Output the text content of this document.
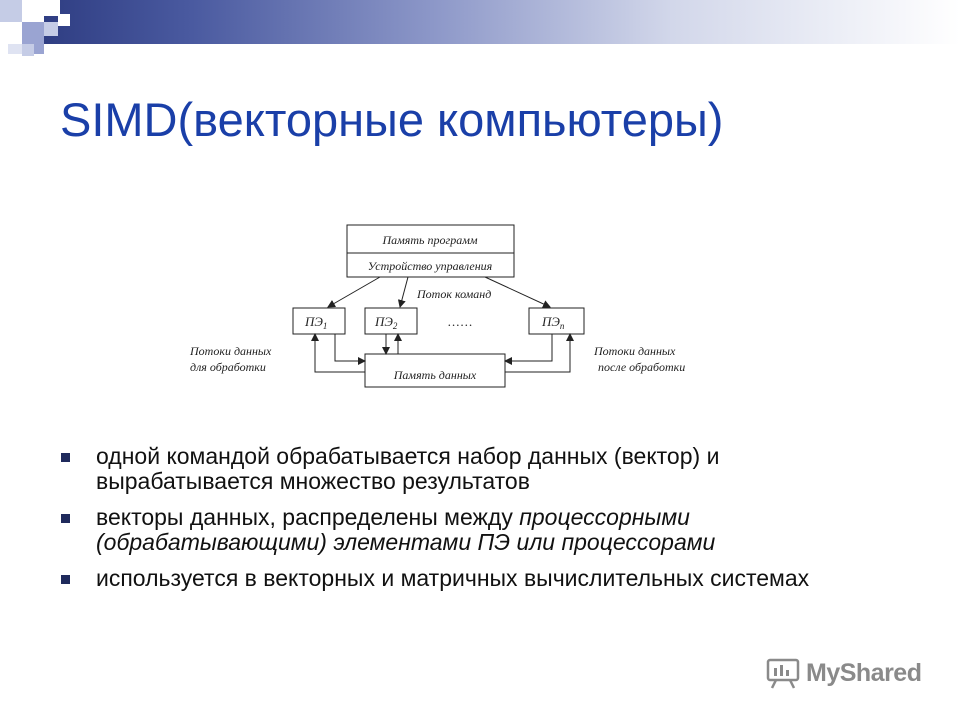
SIMD(векторные компьютеры)
Память программ
Устройство управления
Поток команд
$ПЭ_1$	$ПЭ_2$	......	$ПЭ_n$
Память данных
Потоки данных
для обработки
Потоки данных
после обработки
одной командой обрабатывается набор данных (вектор) и вырабатывается множество результатов
векторы данных, распределены между процессорными (обрабатывающими) элементами ПЭ или процессорами
используется в векторных и матричных вычислительных системах
MyShared
